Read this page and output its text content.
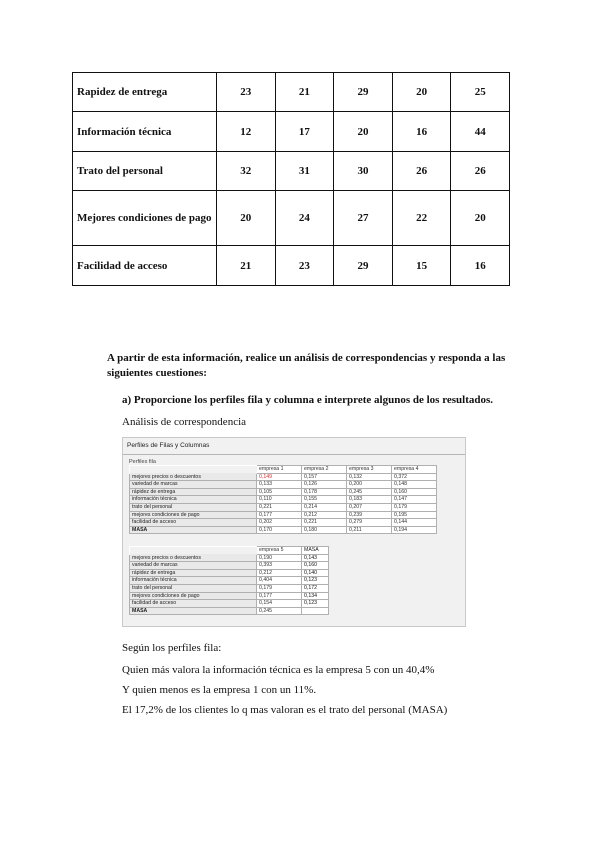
Rapidez de entrega	23	21	29	20	25
Información técnica	12	17	20	16	44
Trato del personal	32	31	30	26	26
Mejores condiciones de pago	20	24	27	22	20
Facilidad de acceso	21	23	29	15	16
A partir de esta información, realice un análisis de correspondencias y responda a las siguientes cuestiones:
a) Proporcione los perfiles fila y columna e interprete algunos de los resultados.
Análisis de correspondencia
Perfiles de Filas y Columnas
Perfiles fila
	empresa 1	empresa 2	empresa 3	empresa 4
mejores precios o descuentos	0,149	0,157	0,132	0,372
variedad de marcas	0,133	0,126	0,200	0,148
rápidez de entrega	0,105	0,178	0,245	0,160
información técnica	0,110	0,155	0,183	0,147
trato del personal	0,221	0,214	0,207	0,179
mejores condiciones de pago	0,177	0,212	0,239	0,195
facilidad de acceso	0,202	0,221	0,279	0,144
MASA	0,170	0,180	0,211	0,194
	empresa 5	MASA
mejores precios o descuentos	0,190	0,143
variedad de marcas	0,393	0,160
rápidez de entrega	0,212	0,140
información técnica	0,404	0,123
trato del personal	0,179	0,172
mejores condiciones de pago	0,177	0,134
facilidad de acceso	0,154	0,123
MASA	0,245	
Según los perfiles fila:
Quien más valora la información técnica es la empresa 5 con un 40,4%
Y quien menos es la empresa 1 con un 11%.
El 17,2% de los clientes lo q mas valoran es el trato del personal (MASA)
